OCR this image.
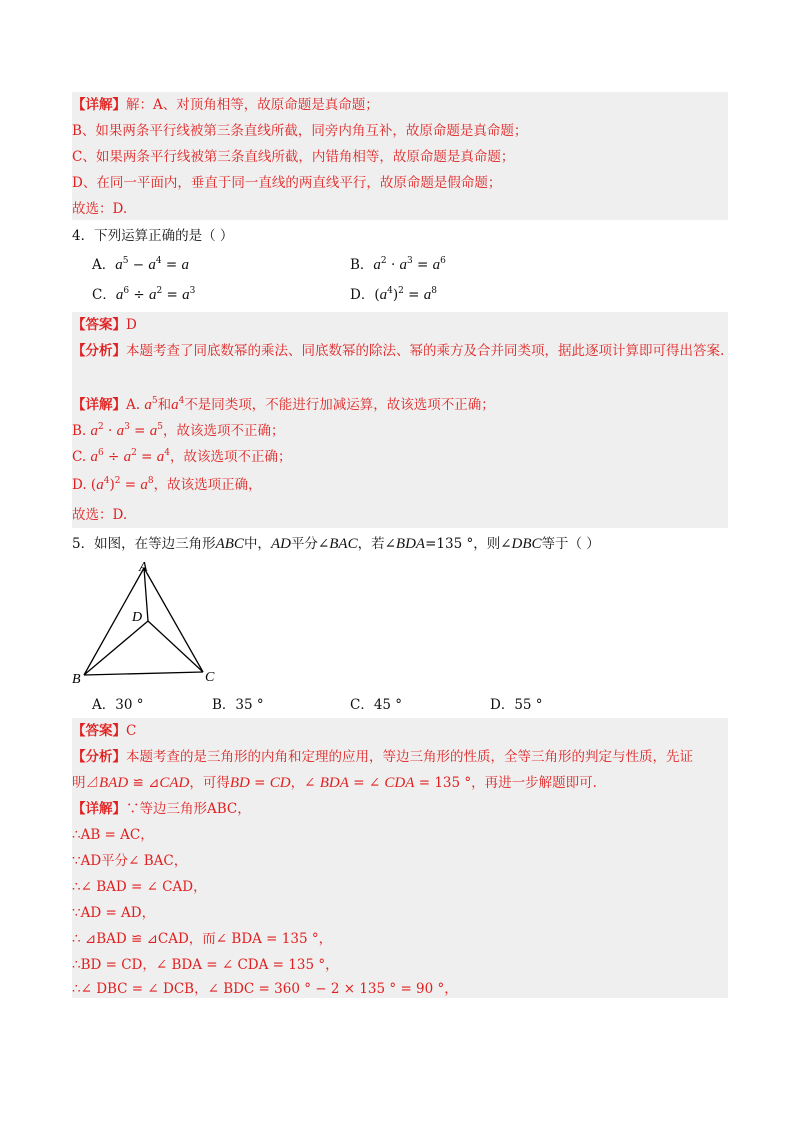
【详解】解：A、对顶角相等，故原命题是真命题；
B、如果两条平行线被第三条直线所截，同旁内角互补，故原命题是真命题；
C、如果两条平行线被第三条直线所截，内错角相等，故原命题是真命题；
D、在同一平面内，垂直于同一直线的两直线平行，故原命题是假命题；
故选：D.
4．下列运算正确的是（ ）
A．$a^5 - a^4 = a$	B．$a^2 \cdot a^3 = a^6$
C．$a^6 \div a^2 = a^3$	D．$(a^4)^2 = a^8$
【答案】D
【分析】本题考查了同底数幂的乘法、同底数幂的除法、幂的乘方及合并同类项，据此逐项计算即可得出答案.
【详解】A. $a^5$和$a^4$不是同类项，不能进行加减运算，故该选项不正确；
B. $a^2 \cdot a^3 = a^5$，故该选项不正确；
C. $a^6 \div a^2 = a^4$，故该选项不正确；
D. $(a^4)^2 = a^8$，故该选项正确，
故选：D.
5．如图，在等边三角形ABC中，AD平分∠BAC，若∠BDA=135 °，则∠DBC等于（ ）
A
D
B	C
A．30 °	B．35 °	C．45 °	D．55 °
【答案】C
【分析】本题考查的是三角形的内角和定理的应用，等边三角形的性质，全等三角形的判定与性质，先证
明⊿BAD ≌ ⊿CAD，可得BD = CD，∠ BDA = ∠ CDA = 135 °，再进一步解题即可.
【详解】∵等边三角形ABC，
∴AB = AC，
∵AD平分∠ BAC，
∴∠ BAD = ∠ CAD，
∵AD = AD，
∴ ⊿BAD ≌ ⊿CAD，而∠ BDA = 135 °，
∴BD = CD，∠ BDA = ∠ CDA = 135 °，
∴∠ DBC = ∠ DCB，∠ BDC = 360 ° − 2 × 135 ° = 90 °，
